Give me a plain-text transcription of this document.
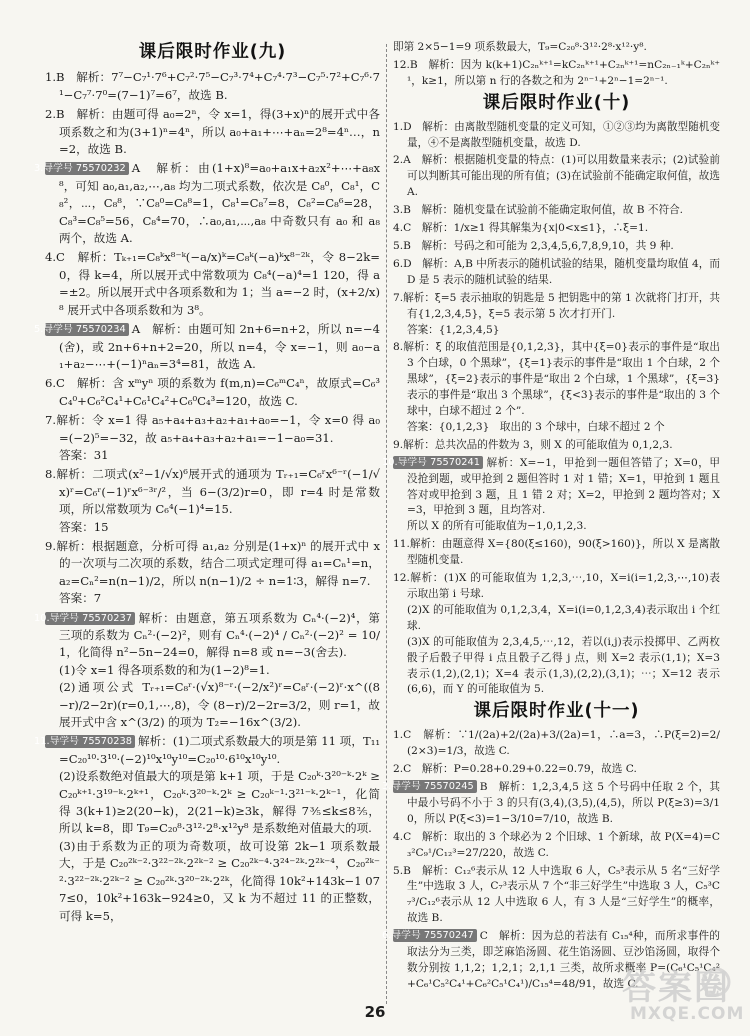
课后限时作业(九)
1.B　解析：7⁷−C₇¹·7⁶+C₇²·7⁵−C₇³·7⁴+C₇⁴·7³−C₇⁵·7²+C₇⁶·7¹−C₇⁷·7⁰=(7−1)⁷=6⁷，故选 B.
2.B　解析：由题可得 a₀=2ⁿ，令 x=1，得(3+x)ⁿ的展开式中各项系数之和为(3+1)ⁿ=4ⁿ，所以 a₀+a₁+⋯+aₙ=2⁸=4ⁿ…，n=2，故选 B.
3.导学号 75570232 A　解析：由(1+x)⁸=a₀+a₁x+a₂x²+⋯+a₈x⁸，可知 a₀,a₁,a₂,⋯,a₈ 均为二项式系数，依次是 C₈⁰，C₈¹，C₈²，⋯，C₈⁸，∵C₈⁰=C₈⁸=1，C₈¹=C₈⁷=8，C₈²=C₈⁶=28，C₈³=C₈⁵=56，C₈⁴=70，∴a₀,a₁,⋯,a₈ 中奇数只有 a₀ 和 a₈ 两个，故选 A.
4.C　解析：Tₖ₊₁=C₈ᵏx⁸⁻ᵏ(−a/x)ᵏ=C₈ᵏ(−a)ᵏx⁸⁻²ᵏ，令 8−2k=0，得 k=4，所以展开式中常数项为 C₈⁴(−a)⁴=1 120，得 a=±2。所以展开式中各项系数和为 1；当 a=−2 时，(x+2/x)⁸ 展开式中各项系数和为 3⁸。
5.导学号 75570234 A　解析：由题可知 2n+6=n+2，所以 n=−4(舍)，或 2n+6+n+2=20，所以 n=4，令 x=−1，则 a₀−a₁+a₂−⋯+(−1)ⁿaₙ=3⁴=81，故选 A.
6.C　解析：含 xᵐyⁿ 项的系数为 f(m,n)=C₆ᵐC₄ⁿ，故原式=C₆³C₄⁰+C₆²C₄¹+C₆¹C₄²+C₆⁰C₄³=120，故选 C.
7.解析：令 x=1 得 a₅+a₄+a₃+a₂+a₁+a₀=−1，令 x=0 得 a₀=(−2)⁵=−32，故 a₅+a₄+a₃+a₂+a₁=−1−a₀=31.
答案：31
8.解析：二项式(x²−1/√x)⁶展开式的通项为 Tᵣ₊₁=C₆ʳx⁶⁻ʳ(−1/√x)ʳ=C₆ʳ(−1)ʳx⁶⁻³ʳ/²，当 6−(3/2)r=0，即 r=4 时是常数项，所以常数项为 C₆⁴(−1)⁴=15.
答案：15
9.解析：根据题意，分析可得 a₁,a₂ 分别是(1+x)ⁿ 的展开式中 x 的一次项与二次项的系数，结合二项式定理可得 a₁=Cₙ¹=n，a₂=Cₙ²=n(n−1)/2，所以 n(n−1)/2 ÷ n=1∶3，解得 n=7.
答案：7
10.导学号 75570237 解析：由题意，第五项系数为 Cₙ⁴·(−2)⁴，第三项的系数为 Cₙ²·(−2)²，则有 Cₙ⁴·(−2)⁴ / Cₙ²·(−2)² = 10/1，化简得 n²−5n−24=0，解得 n=8 或 n=−3(舍去).
(1)令 x=1 得各项系数的和为(1−2)⁸=1.
(2)通项公式 Tᵣ₊₁=C₈ʳ·(√x)⁸⁻ʳ·(−2/x²)ʳ=C₈ʳ·(−2)ʳ·x^((8−r)/2−2r)(r=0,1,⋯,8)，令 (8−r)/2−2r=3/2，则 r=1，故展开式中含 x^(3/2) 的项为 T₂=−16x^(3/2).
11.导学号 75570238 解析：(1)二项式系数最大的项是第 11 项，T₁₁=C₂₀¹⁰·3¹⁰·(−2)¹⁰x¹⁰y¹⁰=C₂₀¹⁰·6¹⁰x¹⁰y¹⁰.
(2)设系数绝对值最大的项是第 k+1 项，于是 C₂₀ᵏ·3²⁰⁻ᵏ·2ᵏ ≥ C₂₀ᵏ⁺¹·3¹⁹⁻ᵏ·2ᵏ⁺¹，C₂₀ᵏ·3²⁰⁻ᵏ·2ᵏ ≥ C₂₀ᵏ⁻¹·3²¹⁻ᵏ·2ᵏ⁻¹，化简得 3(k+1)≥2(20−k)，2(21−k)≥3k，解得 7⅗≤k≤8⅖，所以 k=8，即 T₉=C₂₀⁸·3¹²·2⁸·x¹²y⁸ 是系数绝对值最大的项.
(3)由于系数为正的项为奇数项，故可设第 2k−1 项系数最大，于是 C₂₀²ᵏ⁻²·3²²⁻²ᵏ·2²ᵏ⁻² ≥ C₂₀²ᵏ⁻⁴·3²⁴⁻²ᵏ·2²ᵏ⁻⁴，C₂₀²ᵏ⁻²·3²²⁻²ᵏ·2²ᵏ⁻² ≥ C₂₀²ᵏ·3²⁰⁻²ᵏ·2²ᵏ，化简得 10k²+143k−1 077≤0，10k²+163k−924≥0，又 k 为不超过 11 的正整数，可得 k=5，
即第 2×5−1=9 项系数最大，T₉=C₂₀⁸·3¹²·2⁸·x¹²·y⁸.
12.B　解析：因为 k(k+1)C₂ₙᵏ⁺¹=kC₂ₙᵏ⁺¹+C₂ₙᵏ⁺¹=nC₂ₙ₋₁ᵏ+C₂ₙᵏ⁺¹，k≥1，所以第 n 行的各数之和为 2ⁿ⁻¹+2ⁿ−1=2ⁿ⁻¹.
课后限时作业(十)
1.D　解析：由离散型随机变量的定义可知，①②③均为离散型随机变量，④不是离散型随机变量，故选 D.
2.A　解析：根据随机变量的特点：(1)可以用数量来表示；(2)试验前可以判断其可能出现的所有值；(3)在试验前不能确定取何值，故选 A.
3.B　解析：随机变量在试验前不能确定取何值，故 B 不符合.
4.C　解析：1/x≥1 得其解集为{x|0<x≤1}，∴ξ=1.
5.B　解析：号码之和可能为 2,3,4,5,6,7,8,9,10，共 9 种.
6.D　解析：A,B 中所表示的随机试验的结果，随机变量均取值 4，而 D 是 5 表示的随机试验的结果.
7.解析：ξ=5 表示抽取的钥匙是 5 把钥匙中的第 1 次就将门打开，共有{1,2,3,4,5}，ξ=5 表示第 5 次才打开门.
答案：{1,2,3,4,5}
8.解析：ξ 的取值范围是{0,1,2,3}，其中{ξ=0}表示的事件是“取出 3 个白球，0 个黑球”，{ξ=1}表示的事件是“取出 1 个白球，2 个黑球”，{ξ=2}表示的事件是“取出 2 个白球，1 个黑球”，{ξ=3}表示的事件是“取出 3 个黑球”，{ξ<3}表示的事件是“取出的 3 个球中，白球不超过 2 个”.
答案：{0,1,2,3}　取出的 3 个球中，白球不超过 2 个
9.解析：总共次品的件数为 3，则 X 的可能取值为 0,1,2,3.
10.导学号 75570241 解析：X=−1，甲抢到一题但答错了；X=0，甲没抢到题，或甲抢到 2 题但答时 1 对 1 错；X=1，甲抢到 1 题且答对或甲抢到 3 题，且 1 错 2 对；X=2，甲抢到 2 题均答对；X=3，甲抢到 3 题，且均答对.
所以 X 的所有可能取值为−1,0,1,2,3.
11.解析：由题意得 X={80(ξ≤160)，90(ξ>160)}，所以 X 是离散型随机变量.
12.解析：(1)X 的可能取值为 1,2,3,⋯,10，X=i(i=1,2,3,⋯,10)表示取出第 i 号球.
(2)X 的可能取值为 0,1,2,3,4，X=i(i=0,1,2,3,4)表示取出 i 个红球.
(3)X 的可能取值为 2,3,4,5,⋯,12，若以(i,j)表示投掷甲、乙两枚骰子后骰子甲得 i 点且骰子乙得 j 点，则 X=2 表示(1,1)；X=3 表示(1,2),(2,1)；X=4 表示(1,3),(2,2),(3,1)；⋯；X=12 表示(6,6)，而 Y 的可能取值为 5.
课后限时作业(十一)
1.C　解析：∵1/(2a)+2/(2a)+3/(2a)=1，∴a=3，∴P(ξ=2)=2/(2×3)=1/3，故选 C.
2.C　解析：P=0.28+0.29+0.22=0.79，故选 C.
3.导学号 75570245 B　解析：1,2,3,4,5 这 5 个号码中任取 2 个，其中最小号码不小于 3 的只有(3,4),(3,5),(4,5)，所以 P(ξ≥3)=3/10，所以 P(ξ<3)=1−3/10=7/10，故选 B.
4.C　解析：取出的 3 个球必为 2 个旧球、1 个新球，故 P(X=4)=C₃²C₉¹/C₁₂³=27/220，故选 C.
5.B　解析：C₁₂⁶表示从 12 人中选取 6 人，C₅³表示从 5 名“三好学生”中选取 3 人，C₇³表示从 7 个“非三好学生”中选取 3 人，C₅³C₇³/C₁₂⁶表示从 12 人中选取 6 人，有 3 人是“三好学生”的概率，故选 B.
6.导学号 75570247 C　解析：因为总的若法有 C₁₅⁴种，而所求事件的取法分为三类，即芝麻馅汤圆、花生馅汤圆、豆沙馅汤圆，取得个数分别按 1,1,2；1,2,1；2,1,1 三类，故所求概率 P=(C₆¹C₅¹C₄²+C₆¹C₅²C₄¹+C₆²C₅¹C₄¹)/C₁₅⁴=48/91，故选 C.
26
答案圈
MXQE.COM
